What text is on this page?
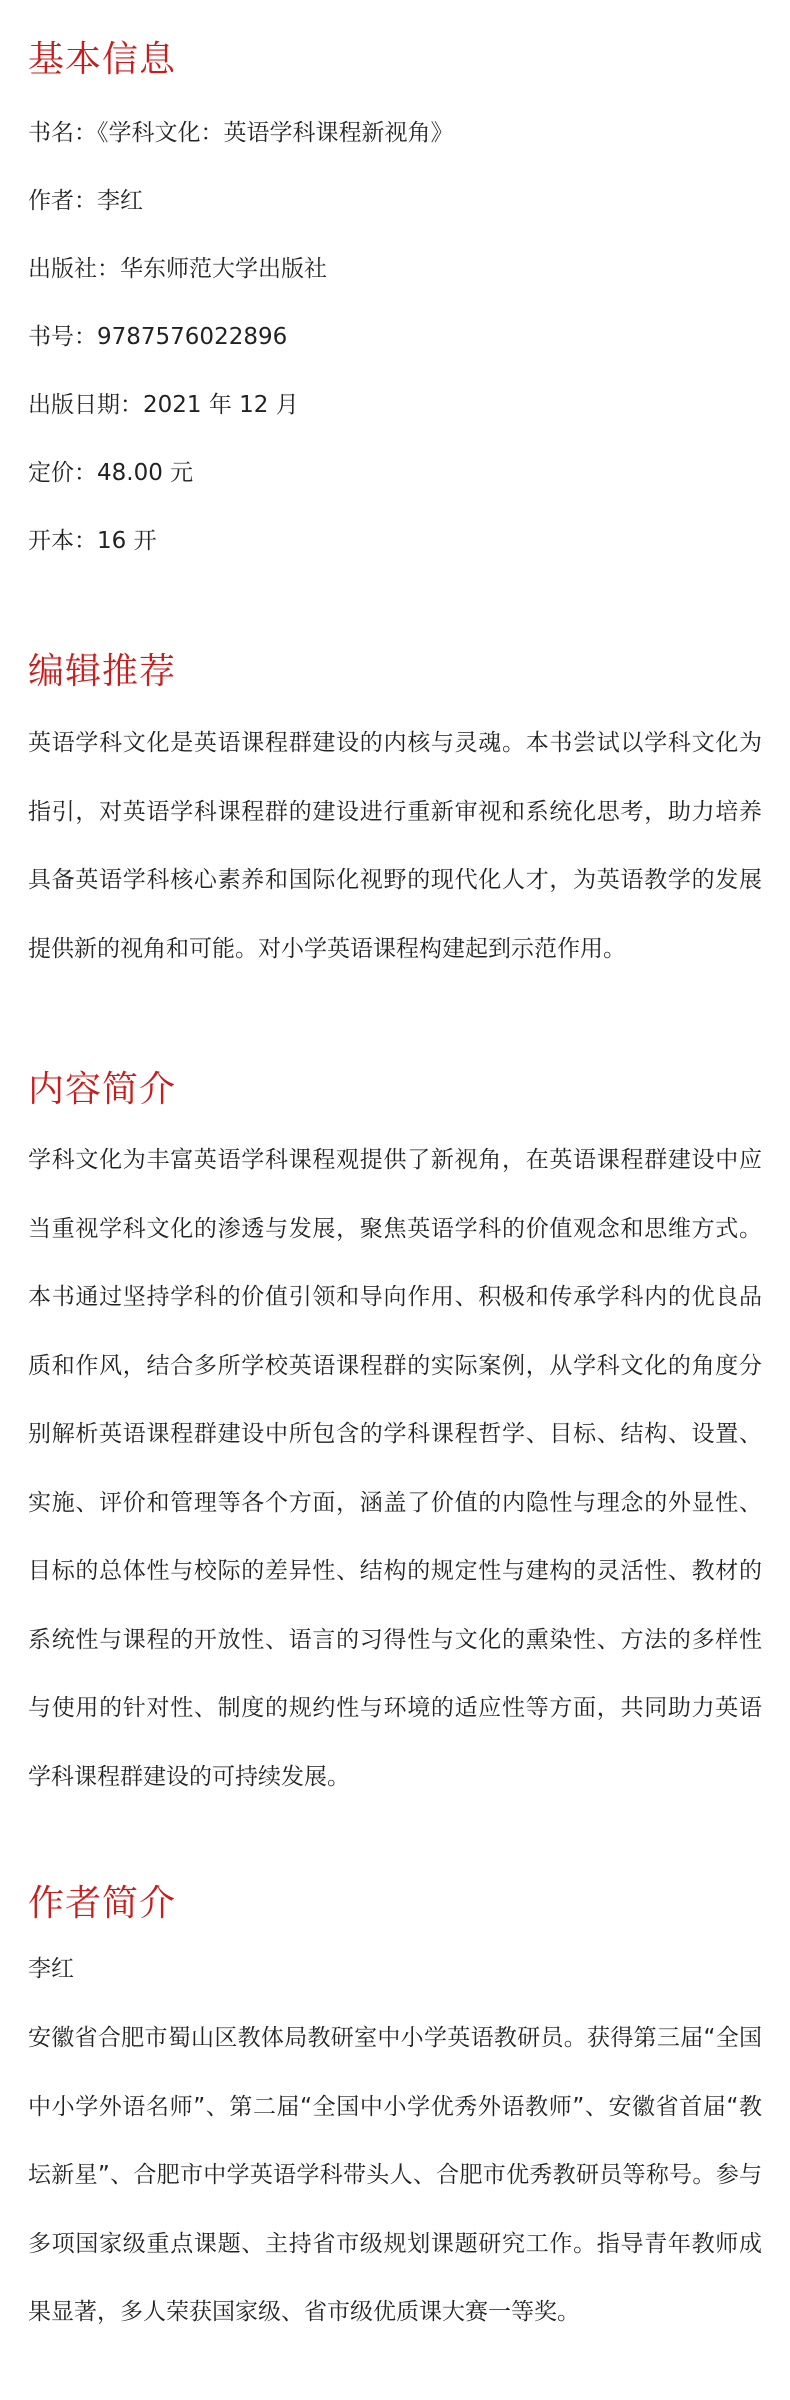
基本信息

书名：《学科文化：英语学科课程新视角》

作者：李红

出版社：华东师范大学出版社

书号：9787576022896

出版日期：2021 年 12 月

定价：48.00 元

开本：16 开

编辑推荐

英语学科文化是英语课程群建设的内核与灵魂。本书尝试以学科文化为指引，对英语学科课程群的建设进行重新审视和系统化思考，助力培养具备英语学科核心素养和国际化视野的现代化人才，为英语教学的发展提供新的视角和可能。对小学英语课程构建起到示范作用。

内容简介

学科文化为丰富英语学科课程观提供了新视角，在英语课程群建设中应当重视学科文化的渗透与发展，聚焦英语学科的价值观念和思维方式。本书通过坚持学科的价值引领和导向作用、积极和传承学科内的优良品质和作风，结合多所学校英语课程群的实际案例，从学科文化的角度分别解析英语课程群建设中所包含的学科课程哲学、目标、结构、设置、实施、评价和管理等各个方面，涵盖了价值的内隐性与理念的外显性、目标的总体性与校际的差异性、结构的规定性与建构的灵活性、教材的系统性与课程的开放性、语言的习得性与文化的熏染性、方法的多样性与使用的针对性、制度的规约性与环境的适应性等方面，共同助力英语学科课程群建设的可持续发展。

作者简介

李红

安徽省合肥市蜀山区教体局教研室中小学英语教研员。获得第三届“全国中小学外语名师”、第二届“全国中小学优秀外语教师”、安徽省首届“教坛新星”、合肥市中学英语学科带头人、合肥市优秀教研员等称号。参与多项国家级重点课题、主持省市级规划课题研究工作。指导青年教师成果显著，多人荣获国家级、省市级优质课大赛一等奖。
